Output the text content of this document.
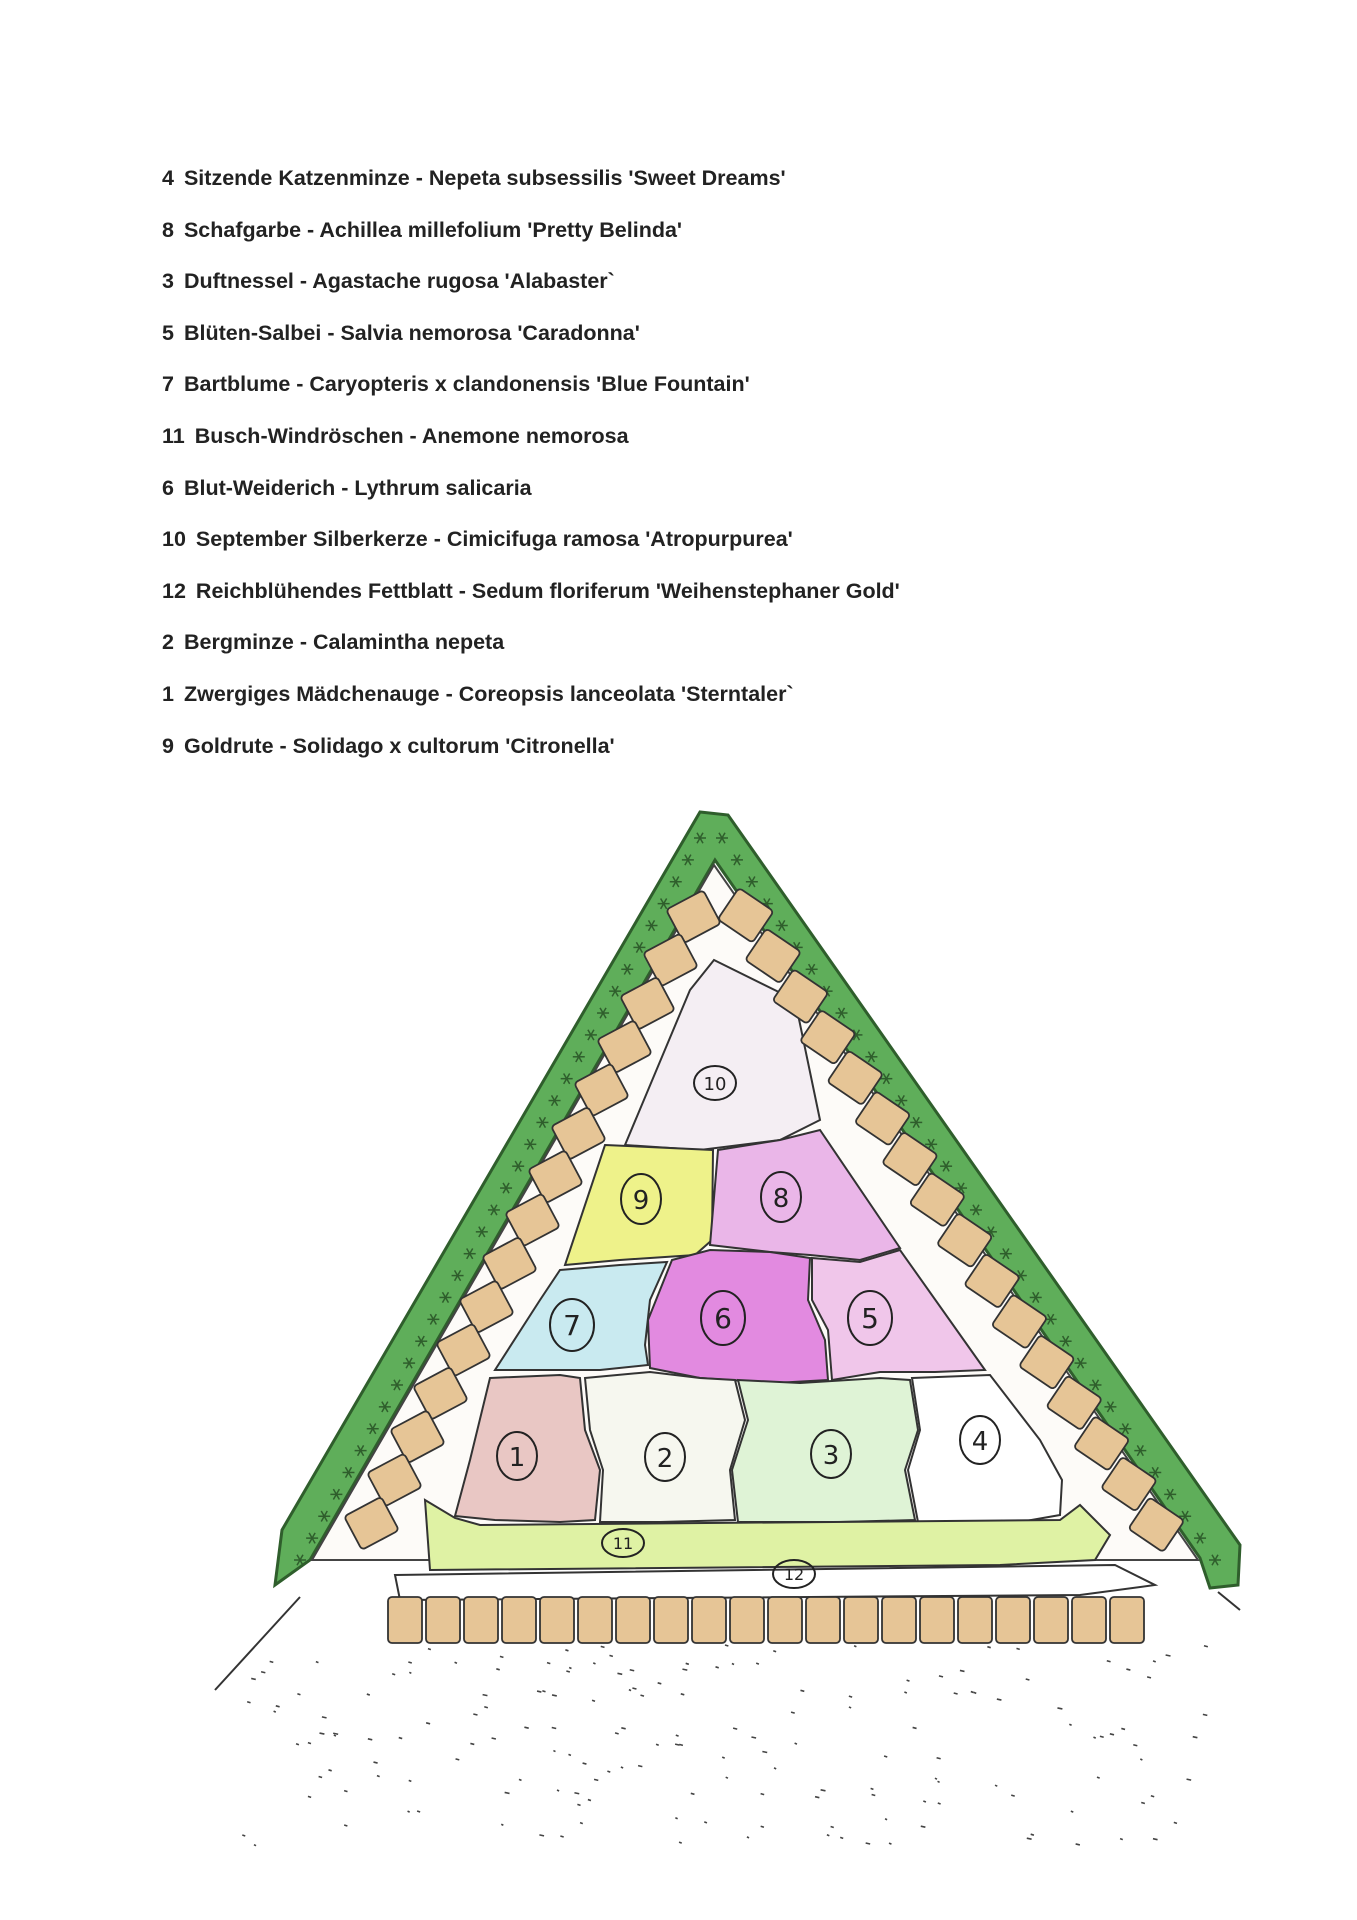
4 Sitzende Katzenminze - Nepeta subsessilis 'Sweet Dreams'
8 Schafgarbe - Achillea millefolium 'Pretty Belinda'
3 Duftnessel - Agastache rugosa 'Alabaster`
5 Blüten-Salbei - Salvia nemorosa 'Caradonna'
7 Bartblume - Caryopteris x clandonensis 'Blue Fountain'
11 Busch-Windröschen - Anemone nemorosa
6 Blut-Weiderich - Lythrum salicaria
10 September Silberkerze - Cimicifuga ramosa 'Atropurpurea'
12 Reichblühendes Fettblatt - Sedum floriferum 'Weihenstephaner Gold'
2 Bergminze - Calamintha nepeta
1 Zwergiges Mädchenauge - Coreopsis lanceolata 'Sterntaler`
9 Goldrute - Solidago x cultorum 'Citronella'
10
9	8
7	6	5
1	2	3	4
11
12
